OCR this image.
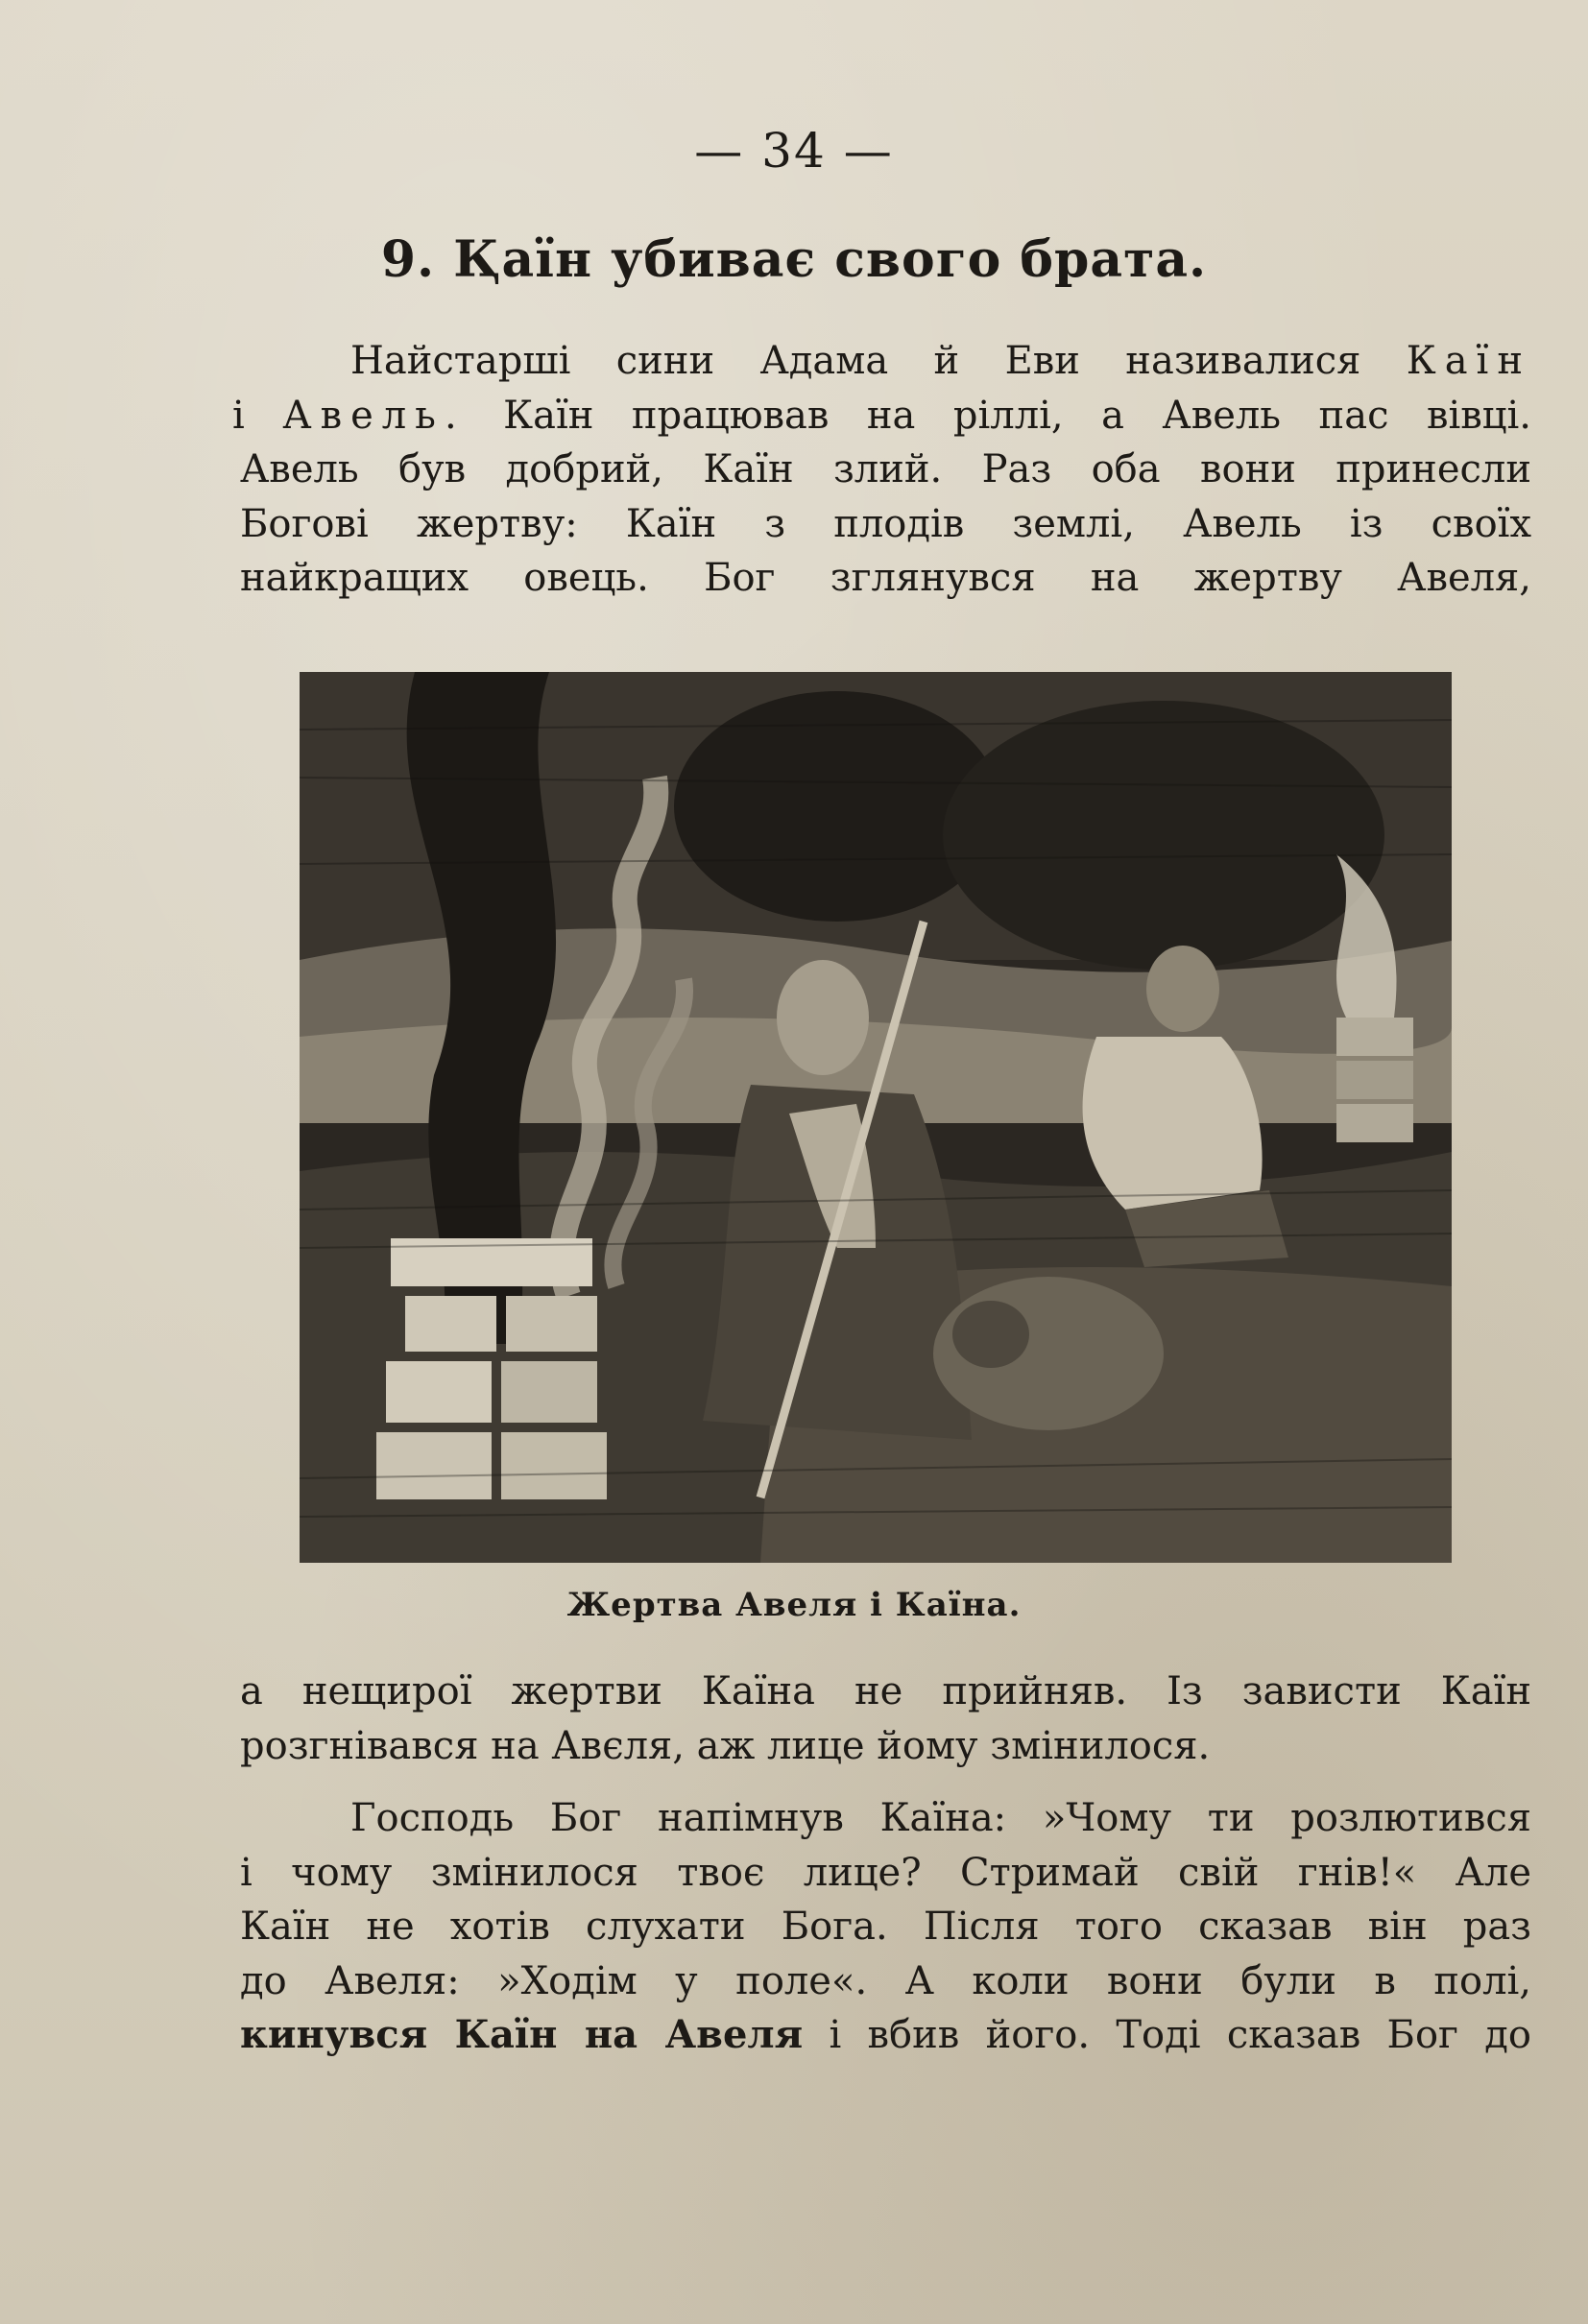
— 34 —
9. Қаїн убиває свого брата.
Найстарші сини Адама й Еви називалися Каїн
і Авель. Каїн працював на ріллі, а Авель пас вівці.
Авель був добрий, Каїн злий. Раз оба вони принесли
Богові жертву: Каїн з плодів землі, Авель із своїх
найкращих овець. Бог зглянувся на жертву Авеля,
Жертва Авеля і Каїна.
а нещирої жертви Каїна не прийняв. Із зависти Каїн
розгнівався на Авєля, аж лице йому змінилося.
Господь Бог напімнув Каїна: »Чому ти розлютився
і чому змінилося твоє лице? Стримай свій гнів!« Але
Каїн не хотів слухати Бога. Після того сказав він раз
до Авеля: »Ходім у поле«. А коли вони були в полі,
кинувся Каїн на Авеля і вбив його. Тоді сказав Бог до
